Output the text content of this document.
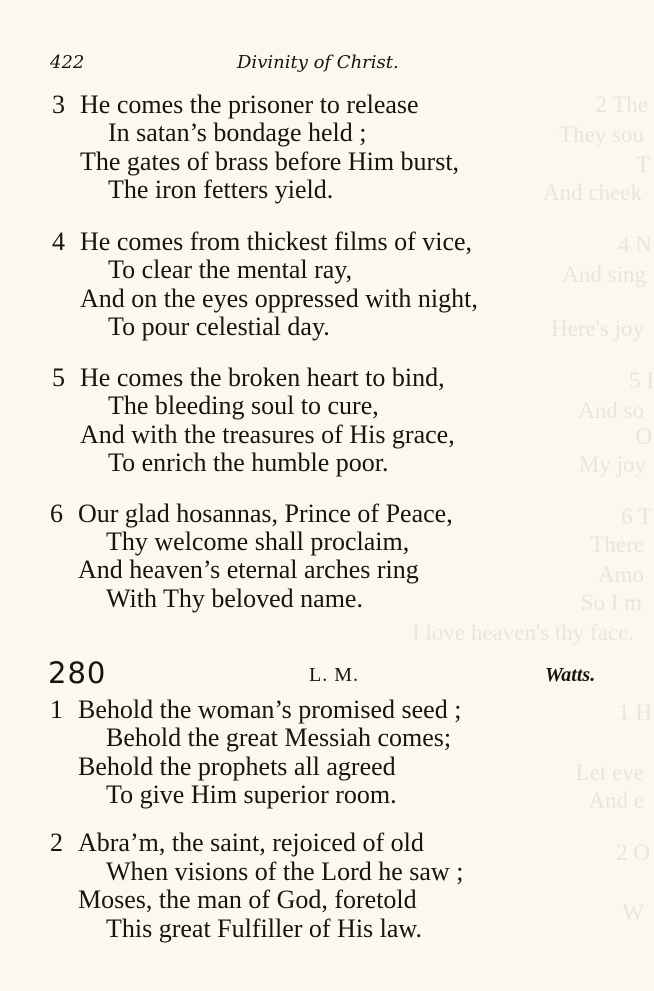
2 The
They sou
T
And cheek
4 N
And sing
Here's joy
5 I
And so
O
My joy
6 T
There
Amo
So I m
I love heaven's thy face.
1 H
Let eve
And e
2 O
W
422	Divinity of Christ.
3 He comes the prisoner to release
In satan’s bondage held ;
The gates of brass before Him burst,
The iron fetters yield.
4 He comes from thickest films of vice,
To clear the mental ray,
And on the eyes oppressed with night,
To pour celestial day.
5 He comes the broken heart to bind,
The bleeding soul to cure,
And with the treasures of His grace,
To enrich the humble poor.
6 Our glad hosannas, Prince of Peace,
Thy welcome shall proclaim,
And heaven’s eternal arches ring
With Thy beloved name.
280	L. M.	Watts.
1 Behold the woman’s promised seed ;
Behold the great Messiah comes;
Behold the prophets all agreed
To give Him superior room.
2 Abra’m, the saint, rejoiced of old
When visions of the Lord he saw ;
Moses, the man of God, foretold
This great Fulfiller of His law.
